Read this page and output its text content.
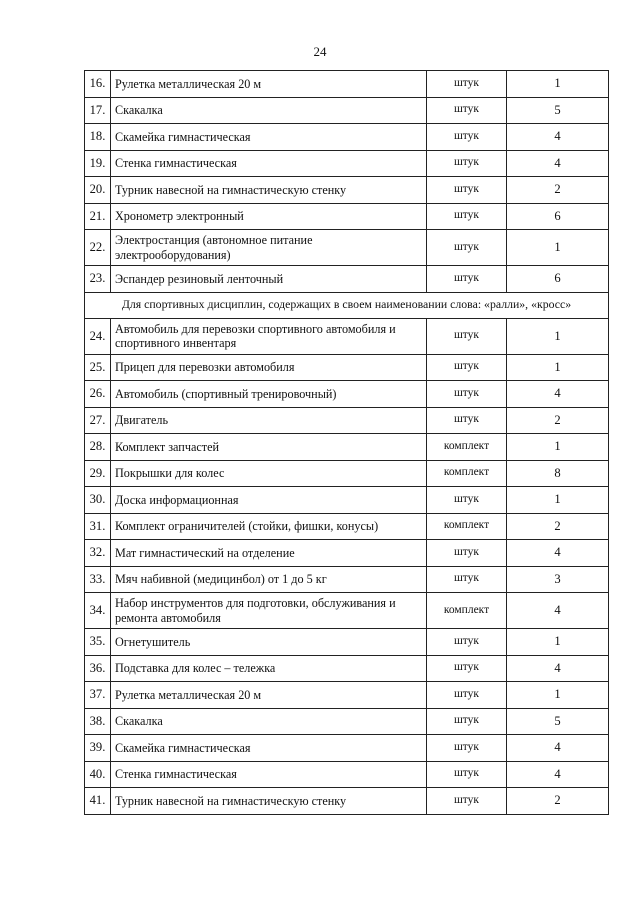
24
16.	Рулетка металлическая 20 м	штук	1
17.	Скакалка	штук	5
18.	Скамейка гимнастическая	штук	4
19.	Стенка гимнастическая	штук	4
20.	Турник навесной на гимнастическую стенку	штук	2
21.	Хронометр электронный	штук	6
22.	Электростанция (автономное питание электрооборудования)	штук	1
23.	Эспандер резиновый ленточный	штук	6
Для спортивных дисциплин, содержащих в своем наименовании слова: «ралли», «кросс»			
24.	Автомобиль для перевозки спортивного автомобиля и спортивного инвентаря	штук	1
25.	Прицеп для перевозки автомобиля	штук	1
26.	Автомобиль (спортивный тренировочный)	штук	4
27.	Двигатель	штук	2
28.	Комплект запчастей	комплект	1
29.	Покрышки для колес	комплект	8
30.	Доска информационная	штук	1
31.	Комплект ограничителей (стойки, фишки, конусы)	комплект	2
32.	Мат гимнастический на отделение	штук	4
33.	Мяч набивной (медицинбол) от 1 до 5 кг	штук	3
34.	Набор инструментов для подготовки, обслуживания и ремонта автомобиля	комплект	4
35.	Огнетушитель	штук	1
36.	Подставка для колес – тележка	штук	4
37.	Рулетка металлическая 20 м	штук	1
38.	Скакалка	штук	5
39.	Скамейка гимнастическая	штук	4
40.	Стенка гимнастическая	штук	4
41.	Турник навесной на гимнастическую стенку	штук	2
